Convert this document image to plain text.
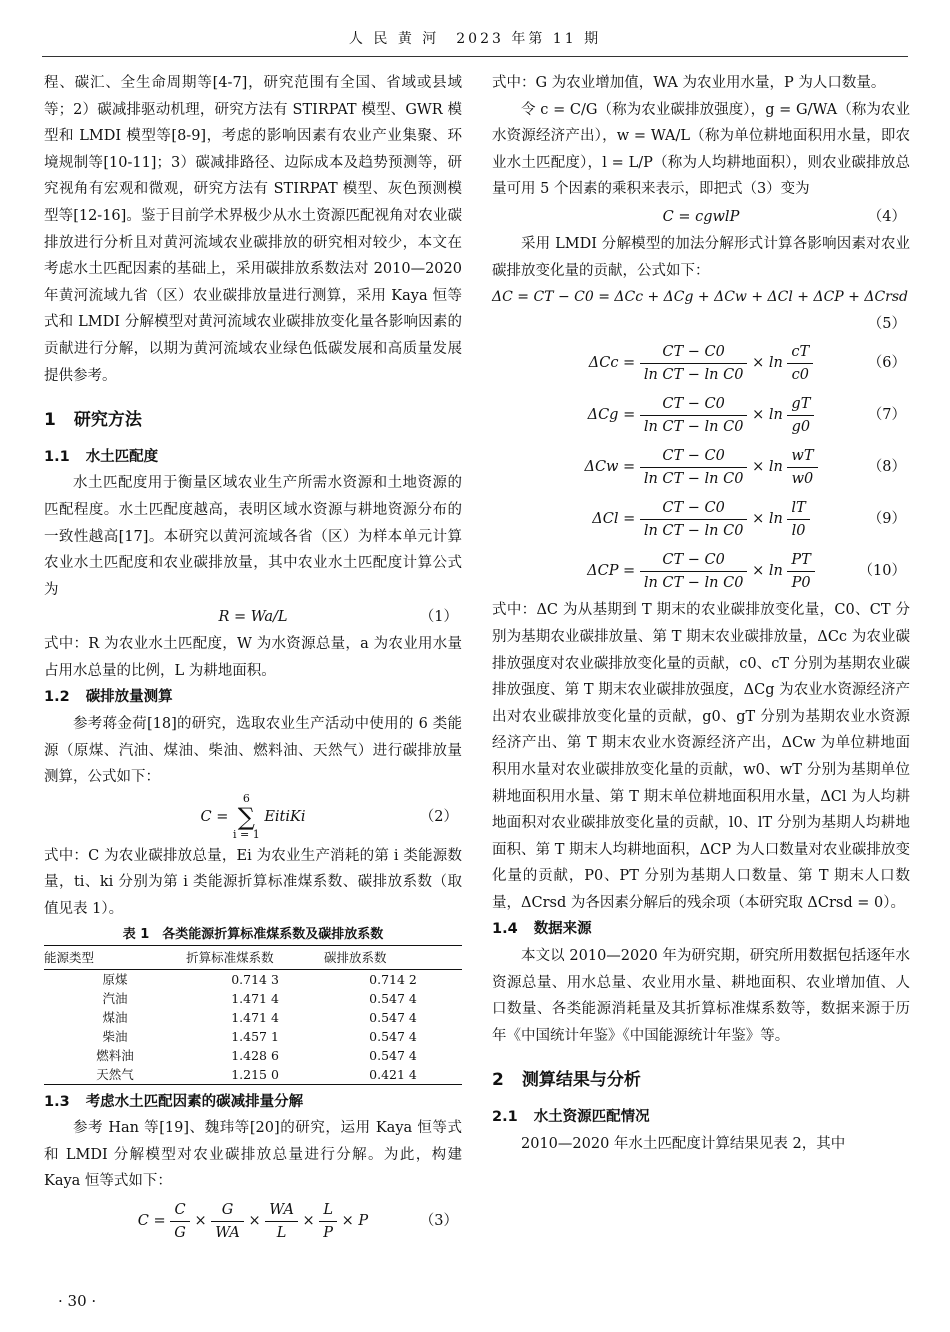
人 民 黄 河　2023 年第 11 期

程、碳汇、全生命周期等[4-7]，研究范围有全国、省域或县域等；2）碳减排驱动机理，研究方法有 STIRPAT 模型、GWR 模型和 LMDI 模型等[8-9]，考虑的影响因素有农业产业集聚、环境规制等[10-11]；3）碳减排路径、边际成本及趋势预测等，研究视角有宏观和微观，研究方法有 STIRPAT 模型、灰色预测模型等[12-16]。鉴于目前学术界极少从水土资源匹配视角对农业碳排放进行分析且对黄河流域农业碳排放的研究相对较少，本文在考虑水土匹配因素的基础上，采用碳排放系数法对 2010—2020 年黄河流域九省（区）农业碳排放量进行测算，采用 Kaya 恒等式和 LMDI 分解模型对黄河流域农业碳排放变化量各影响因素的贡献进行分解，以期为黄河流域农业绿色低碳发展和高质量发展提供参考。

1 研究方法
1.1 水土匹配度

水土匹配度用于衡量区域农业生产所需水资源和土地资源的匹配程度。水土匹配度越高，表明区域水资源与耕地资源分布的一致性越高[17]。本研究以黄河流域各省（区）为样本单元计算农业水土匹配度和农业碳排放量，其中农业水土匹配度计算公式为

R = Wa/L	（1）

式中：R 为农业水土匹配度，W 为水资源总量，a 为农业用水量占用水总量的比例，L 为耕地面积。

1.2 碳排放量测算

参考蒋金荷[18]的研究，选取农业生产活动中使用的 6 类能源（原煤、汽油、煤油、柴油、燃料油、天然气）进行碳排放量测算，公式如下：

C = 6
∑
i = 1 EitiKi	（2）

式中：C 为农业碳排放总量，Ei 为农业生产消耗的第 i 类能源数量，ti、ki 分别为第 i 类能源折算标准煤系数、碳排放系数（取值见表 1）。

表 1　各类能源折算标准煤系数及碳排放系数
能源类型	折算标准煤系数	碳排放系数
原煤	0.714 3	0.714 2
汽油	1.471 4	0.547 4
煤油	1.471 4	0.547 4
柴油	1.457 1	0.547 4
燃料油	1.428 6	0.547 4
天然气	1.215 0	0.421 4
1.3 考虑水土匹配因素的碳减排量分解

参考 Han 等[19]、魏玮等[20]的研究，运用 Kaya 恒等式和 LMDI 分解模型对农业碳排放总量进行分解。为此，构建 Kaya 恒等式如下：

$C = \frac{C}{G} \times \frac{G}{WA} \times \frac{WA}{L} \times \frac{L}{P} \times P$	（3）

式中：G 为农业增加值，WA 为农业用水量，P 为人口数量。

令 c = C/G（称为农业碳排放强度），g = G/WA（称为农业水资源经济产出），w = WA/L（称为单位耕地面积用水量，即农业水土匹配度），l = L/P（称为人均耕地面积），则农业碳排放总量可用 5 个因素的乘积来表示，即把式（3）变为

C = cgwlP	（4）

采用 LMDI 分解模型的加法分解形式计算各影响因素对农业碳排放变化量的贡献，公式如下：

ΔC = CT − C0 = ΔCc + ΔCg + ΔCw + ΔCl + ΔCP + ΔCrsd
（5）
$\Delta Cc = \frac{CT - C0}{\text{ln CT − ln C0}} \times \ln \frac{cT}{c0}$	（6）
$\Delta Cg = \frac{CT - C0}{\text{ln CT − ln C0}} \times \ln \frac{gT}{g0}$	（7）
$\Delta Cw = \frac{CT - C0}{\text{ln CT − ln C0}} \times \ln \frac{wT}{w0}$	（8）
$\Delta Cl = \frac{CT - C0}{\text{ln CT − ln C0}} \times \ln \frac{lT}{l0}$	（9）
$\Delta CP = \frac{CT - C0}{\text{ln CT − ln C0}} \times \ln \frac{PT}{P0}$	（10）

式中：ΔC 为从基期到 T 期末的农业碳排放变化量，C0、CT 分别为基期农业碳排放量、第 T 期末农业碳排放量，ΔCc 为农业碳排放强度对农业碳排放变化量的贡献，c0、cT 分别为基期农业碳排放强度、第 T 期末农业碳排放强度，ΔCg 为农业水资源经济产出对农业碳排放变化量的贡献，g0、gT 分别为基期农业水资源经济产出、第 T 期末农业水资源经济产出，ΔCw 为单位耕地面积用水量对农业碳排放变化量的贡献，w0、wT 分别为基期单位耕地面积用水量、第 T 期末单位耕地面积用水量，ΔCl 为人均耕地面积对农业碳排放变化量的贡献，l0、lT 分别为基期人均耕地面积、第 T 期末人均耕地面积，ΔCP 为人口数量对农业碳排放变化量的贡献，P0、PT 分别为基期人口数量、第 T 期末人口数量，ΔCrsd 为各因素分解后的残余项（本研究取 ΔCrsd = 0）。

1.4 数据来源

本文以 2010—2020 年为研究期，研究所用数据包括逐年水资源总量、用水总量、农业用水量、耕地面积、农业增加值、人口数量、各类能源消耗量及其折算标准煤系数等，数据来源于历年《中国统计年鉴》《中国能源统计年鉴》等。

2 测算结果与分析
2.1 水土资源匹配情况

2010—2020 年水土匹配度计算结果见表 2，其中

· 30 ·
